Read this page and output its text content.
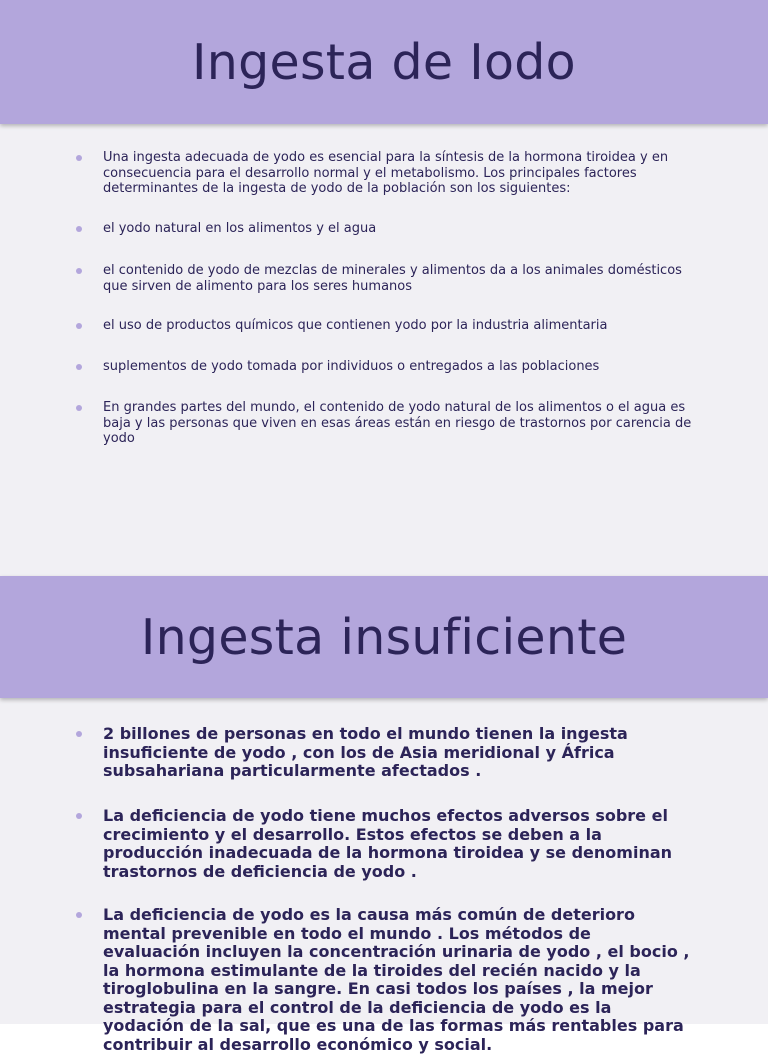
Ingesta de Iodo
Una ingesta adecuada de yodo es esencial para la síntesis de la hormona tiroidea y en consecuencia para el desarrollo normal y el metabolismo. Los principales factores determinantes de la ingesta de yodo de la población son los siguientes:
el yodo natural en los alimentos y el agua
el contenido de yodo de mezclas de minerales y alimentos da a los animales domésticos que sirven de alimento para los seres humanos
el uso de productos químicos que contienen yodo por la industria alimentaria
suplementos de yodo tomada por individuos o entregados a las poblaciones
En grandes partes del mundo, el contenido de yodo natural de los alimentos o el agua es baja y las personas que viven en esas áreas están en riesgo de trastornos por carencia de yodo
Ingesta insuficiente
2 billones de personas en todo el mundo tienen la ingesta insuficiente de yodo , con los de Asia meridional y África subsahariana particularmente afectados .
La deficiencia de yodo tiene muchos efectos adversos sobre el crecimiento y el desarrollo. Estos efectos se deben a la producción inadecuada de la hormona tiroidea y se denominan trastornos de deficiencia de yodo .
La deficiencia de yodo es la causa más común de deterioro mental prevenible en todo el mundo . Los métodos de evaluación incluyen la concentración urinaria de yodo , el bocio , la hormona estimulante de la tiroides del recién nacido y la tiroglobulina en la sangre. En casi todos los países , la mejor estrategia para el control de la deficiencia de yodo es la yodación de la sal, que es una de las formas más rentables para contribuir al desarrollo económico y social.
